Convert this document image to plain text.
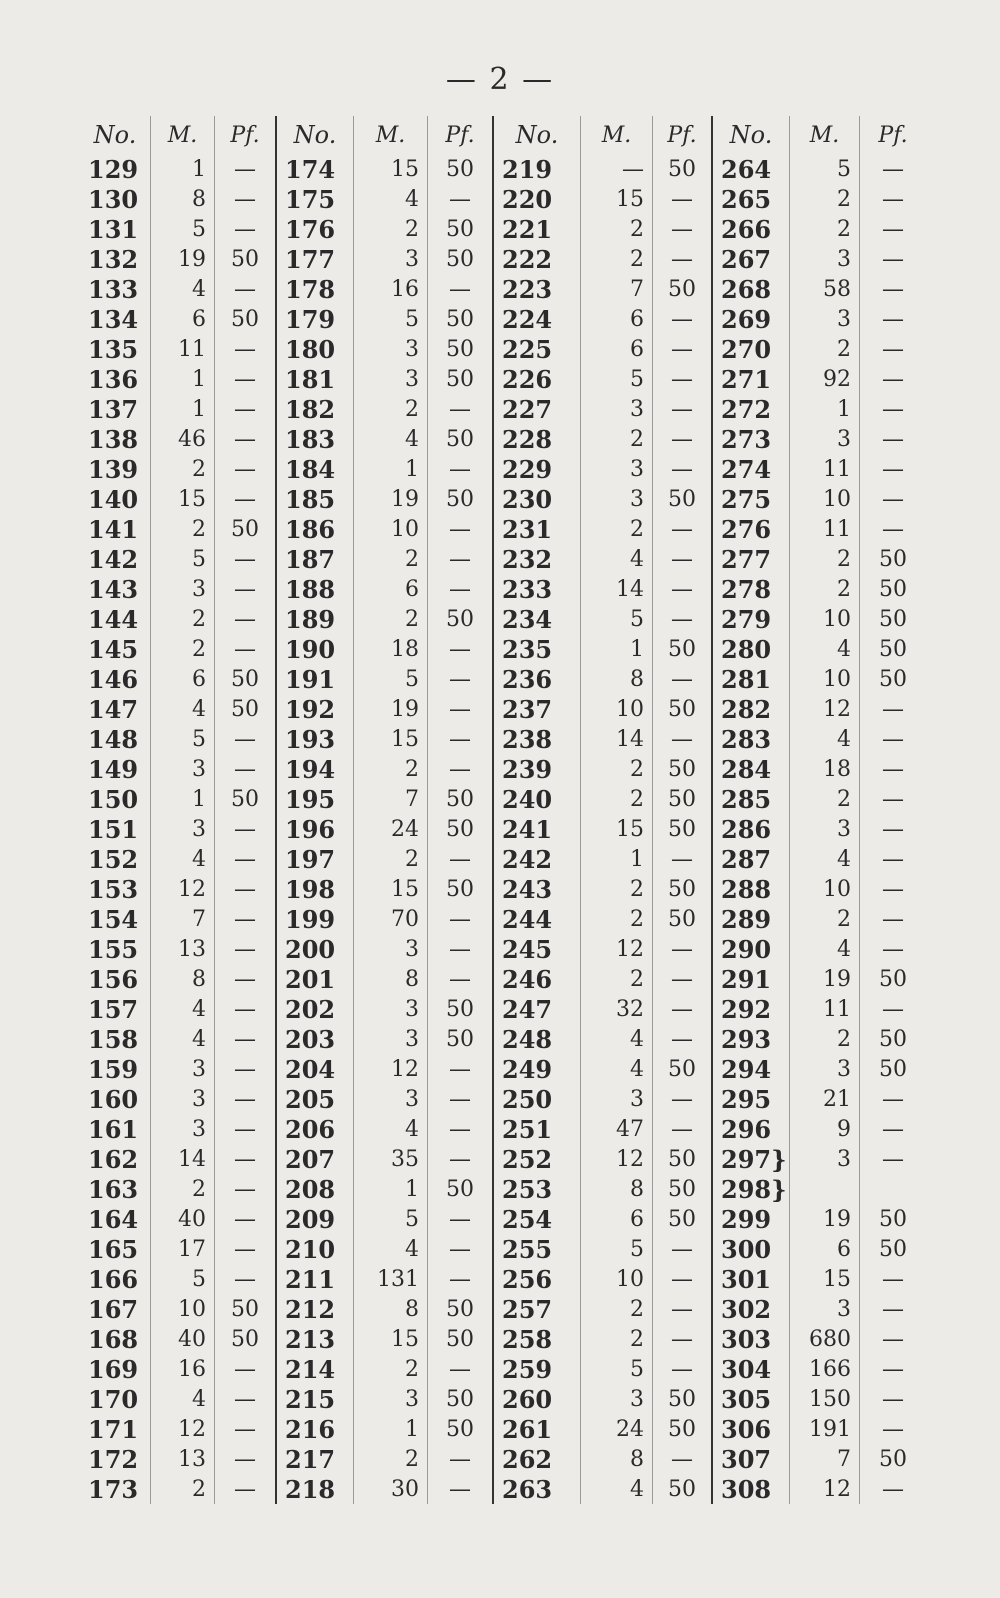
— 2 —
No.	M.	Pf.
129	1	—
130	8	—
131	5	—
132	19	50
133	4	—
134	6	50
135	11	—
136	1	—
137	1	—
138	46	—
139	2	—
140	15	—
141	2	50
142	5	—
143	3	—
144	2	—
145	2	—
146	6	50
147	4	50
148	5	—
149	3	—
150	1	50
151	3	—
152	4	—
153	12	—
154	7	—
155	13	—
156	8	—
157	4	—
158	4	—
159	3	—
160	3	—
161	3	—
162	14	—
163	2	—
164	40	—
165	17	—
166	5	—
167	10	50
168	40	50
169	16	—
170	4	—
171	12	—
172	13	—
173	2	—
No.	M.	Pf.
174	15	50
175	4	—
176	2	50
177	3	50
178	16	—
179	5	50
180	3	50
181	3	50
182	2	—
183	4	50
184	1	—
185	19	50
186	10	—
187	2	—
188	6	—
189	2	50
190	18	—
191	5	—
192	19	—
193	15	—
194	2	—
195	7	50
196	24	50
197	2	—
198	15	50
199	70	—
200	3	—
201	8	—
202	3	50
203	3	50
204	12	—
205	3	—
206	4	—
207	35	—
208	1	50
209	5	—
210	4	—
211	131	—
212	8	50
213	15	50
214	2	—
215	3	50
216	1	50
217	2	—
218	30	—
No.	M.	Pf.
219	—	50
220	15	—
221	2	—
222	2	—
223	7	50
224	6	—
225	6	—
226	5	—
227	3	—
228	2	—
229	3	—
230	3	50
231	2	—
232	4	—
233	14	—
234	5	—
235	1	50
236	8	—
237	10	50
238	14	—
239	2	50
240	2	50
241	15	50
242	1	—
243	2	50
244	2	50
245	12	—
246	2	—
247	32	—
248	4	—
249	4	50
250	3	—
251	47	—
252	12	50
253	8	50
254	6	50
255	5	—
256	10	—
257	2	—
258	2	—
259	5	—
260	3	50
261	24	50
262	8	—
263	4	50
No.	M.	Pf.
264	5	—
265	2	—
266	2	—
267	3	—
268	58	—
269	3	—
270	2	—
271	92	—
272	1	—
273	3	—
274	11	—
275	10	—
276	11	—
277	2	50
278	2	50
279	10	50
280	4	50
281	10	50
282	12	—
283	4	—
284	18	—
285	2	—
286	3	—
287	4	—
288	10	—
289	2	—
290	4	—
291	19	50
292	11	—
293	2	50
294	3	50
295	21	—
296	9	—
297}	3	—
298}
299	19	50
300	6	50
301	15	—
302	3	—
303	680	—
304	166	—
305	150	—
306	191	—
307	7	50
308	12	—
